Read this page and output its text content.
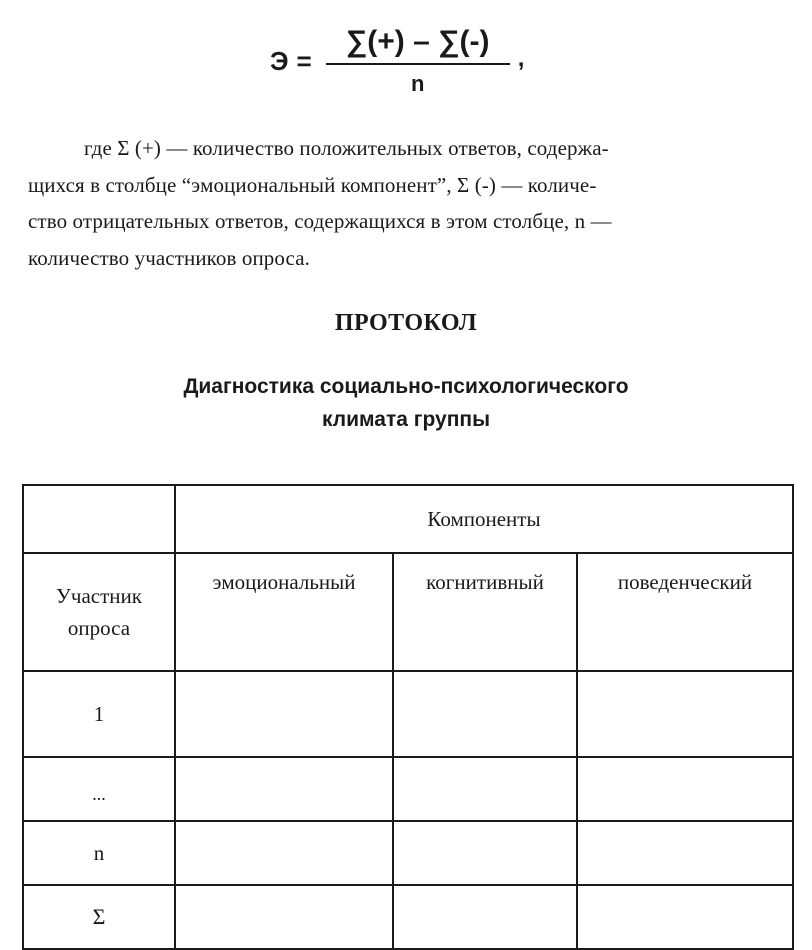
$Э = \frac{\sum(+) - \sum(-)}{n}$ ,

где Σ (+) — количество положительных ответов, содержа-

щихся в столбце “эмоциональный компонент”, Σ (-) — количе-

ство отрицательных ответов, содержащихся в этом столбце, n —

количество участников опроса.

ПРОТОКОЛ
Диагностика социально-психологического
климата группы
	Компоненты		

Участник
опроса	эмоциональный	когнитивный	поведенческий
1			
...			
n			
Σ			
